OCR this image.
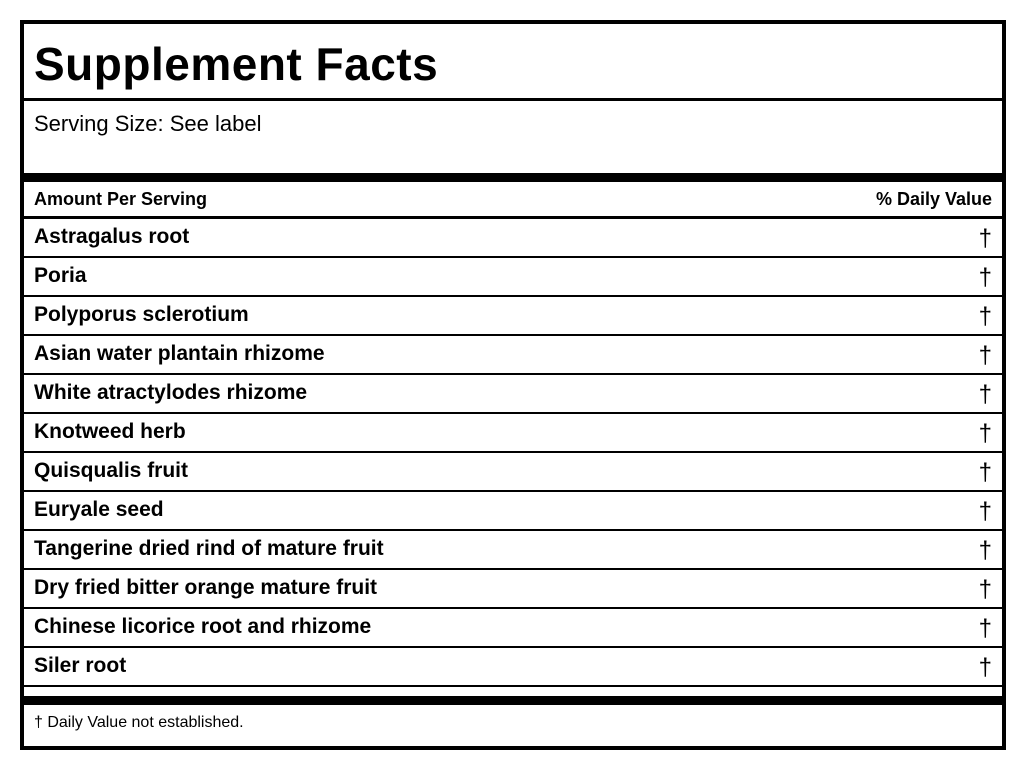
Supplement Facts
Serving Size: See label
Amount Per Serving	% Daily Value
Astragalus root	†
Poria	†
Polyporus sclerotium	†
Asian water plantain rhizome	†
White atractylodes rhizome	†
Knotweed herb	†
Quisqualis fruit	†
Euryale seed	†
Tangerine dried rind of mature fruit	†
Dry fried bitter orange mature fruit	†
Chinese licorice root and rhizome	†
Siler root	†
† Daily Value not established.
